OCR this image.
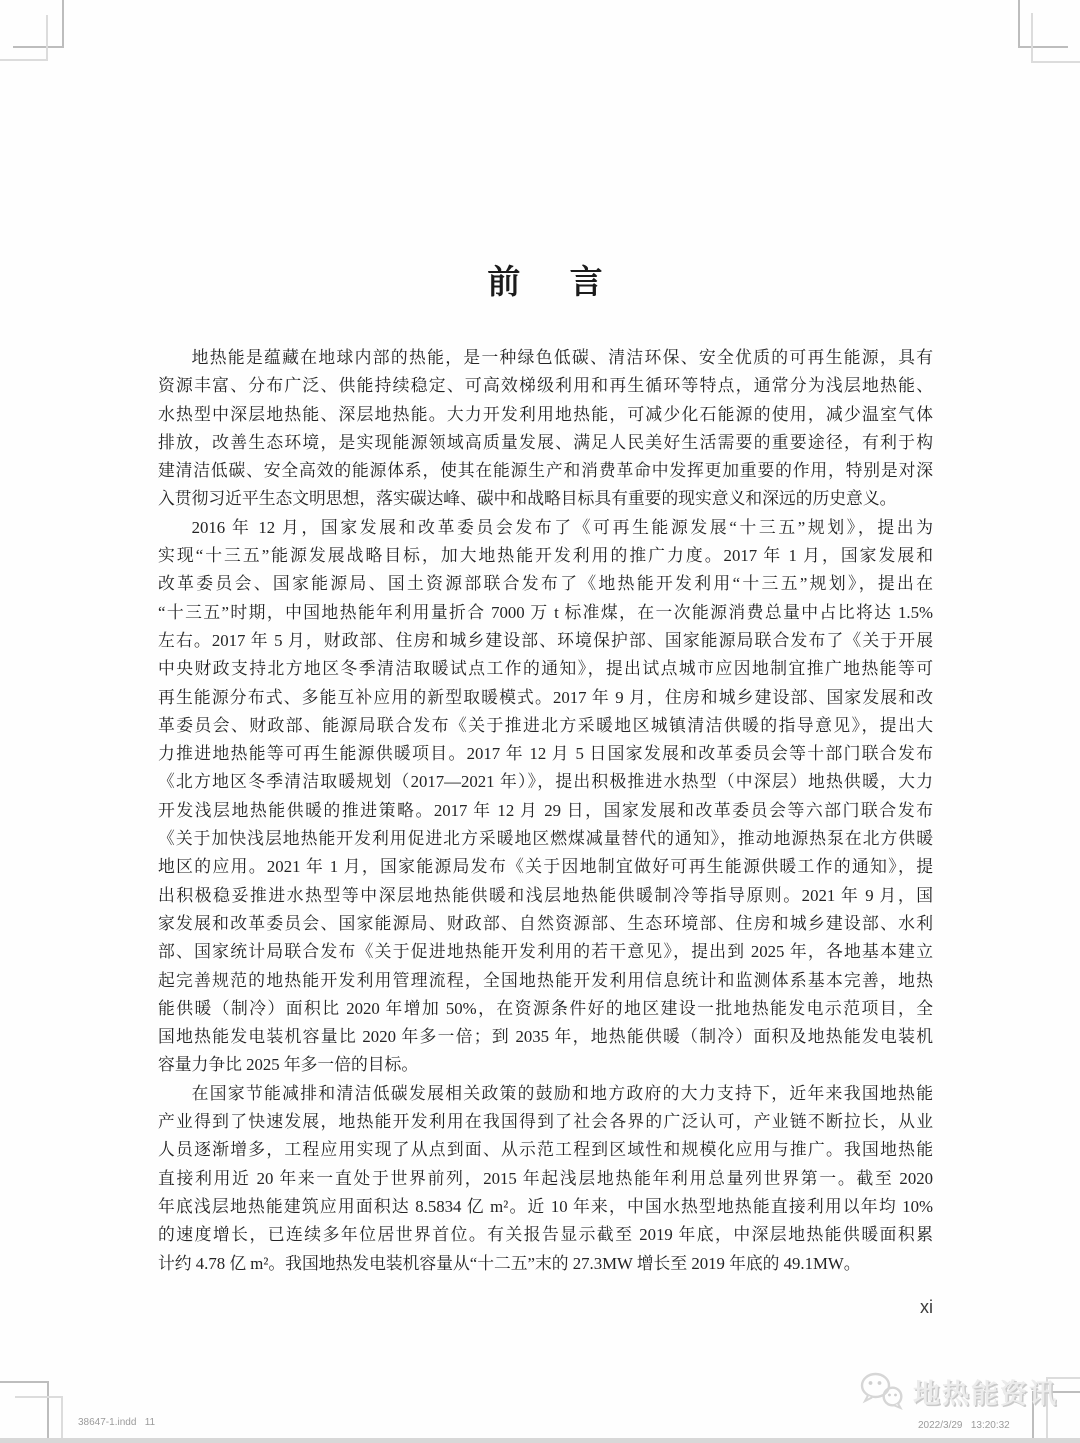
前 言
地热能是蕴藏在地球内部的热能，是一种绿色低碳、清洁环保、安全优质的可再生能源，具有
资源丰富、分布广泛、供能持续稳定、可高效梯级利用和再生循环等特点，通常分为浅层地热能、
水热型中深层地热能、深层地热能。大力开发利用地热能，可减少化石能源的使用，减少温室气体
排放，改善生态环境，是实现能源领域高质量发展、满足人民美好生活需要的重要途径，有利于构
建清洁低碳、安全高效的能源体系，使其在能源生产和消费革命中发挥更加重要的作用，特别是对深
入贯彻习近平生态文明思想，落实碳达峰、碳中和战略目标具有重要的现实意义和深远的历史意义。
2016 年 12 月，国家发展和改革委员会发布了《可再生能源发展“十三五”规划》，提出为
实现“十三五”能源发展战略目标，加大地热能开发利用的推广力度。2017 年 1 月，国家发展和
改革委员会、国家能源局、国土资源部联合发布了《地热能开发利用“十三五”规划》，提出在
“十三五”时期，中国地热能年利用量折合 7000 万 t 标准煤，在一次能源消费总量中占比将达 1.5%
左右。2017 年 5 月，财政部、住房和城乡建设部、环境保护部、国家能源局联合发布了《关于开展
中央财政支持北方地区冬季清洁取暖试点工作的通知》，提出试点城市应因地制宜推广地热能等可
再生能源分布式、多能互补应用的新型取暖模式。2017 年 9 月，住房和城乡建设部、国家发展和改
革委员会、财政部、能源局联合发布《关于推进北方采暖地区城镇清洁供暖的指导意见》，提出大
力推进地热能等可再生能源供暖项目。2017 年 12 月 5 日国家发展和改革委员会等十部门联合发布
《北方地区冬季清洁取暖规划（2017—2021 年）》，提出积极推进水热型（中深层）地热供暖，大力
开发浅层地热能供暖的推进策略。2017 年 12 月 29 日，国家发展和改革委员会等六部门联合发布
《关于加快浅层地热能开发利用促进北方采暖地区燃煤减量替代的通知》，推动地源热泵在北方供暖
地区的应用。2021 年 1 月，国家能源局发布《关于因地制宜做好可再生能源供暖工作的通知》，提
出积极稳妥推进水热型等中深层地热能供暖和浅层地热能供暖制冷等指导原则。2021 年 9 月，国
家发展和改革委员会、国家能源局、财政部、自然资源部、生态环境部、住房和城乡建设部、水利
部、国家统计局联合发布《关于促进地热能开发利用的若干意见》，提出到 2025 年，各地基本建立
起完善规范的地热能开发利用管理流程，全国地热能开发利用信息统计和监测体系基本完善，地热
能供暖（制冷）面积比 2020 年增加 50%，在资源条件好的地区建设一批地热能发电示范项目，全
国地热能发电装机容量比 2020 年多一倍；到 2035 年，地热能供暖（制冷）面积及地热能发电装机
容量力争比 2025 年多一倍的目标。
在国家节能减排和清洁低碳发展相关政策的鼓励和地方政府的大力支持下，近年来我国地热能
产业得到了快速发展，地热能开发利用在我国得到了社会各界的广泛认可，产业链不断拉长，从业
人员逐渐增多，工程应用实现了从点到面、从示范工程到区域性和规模化应用与推广。我国地热能
直接利用近 20 年来一直处于世界前列，2015 年起浅层地热能年利用总量列世界第一。截至 2020
年底浅层地热能建筑应用面积达 8.5834 亿 m²。近 10 年来，中国水热型地热能直接利用以年均 10%
的速度增长，已连续多年位居世界首位。有关报告显示截至 2019 年底，中深层地热能供暖面积累
计约 4.78 亿 m²。我国地热发电装机容量从“十二五”末的 27.3MW 增长至 2019 年底的 49.1MW。
xi
地热能资讯
38647-1.indd   11	2022/3/29   13:20:32
